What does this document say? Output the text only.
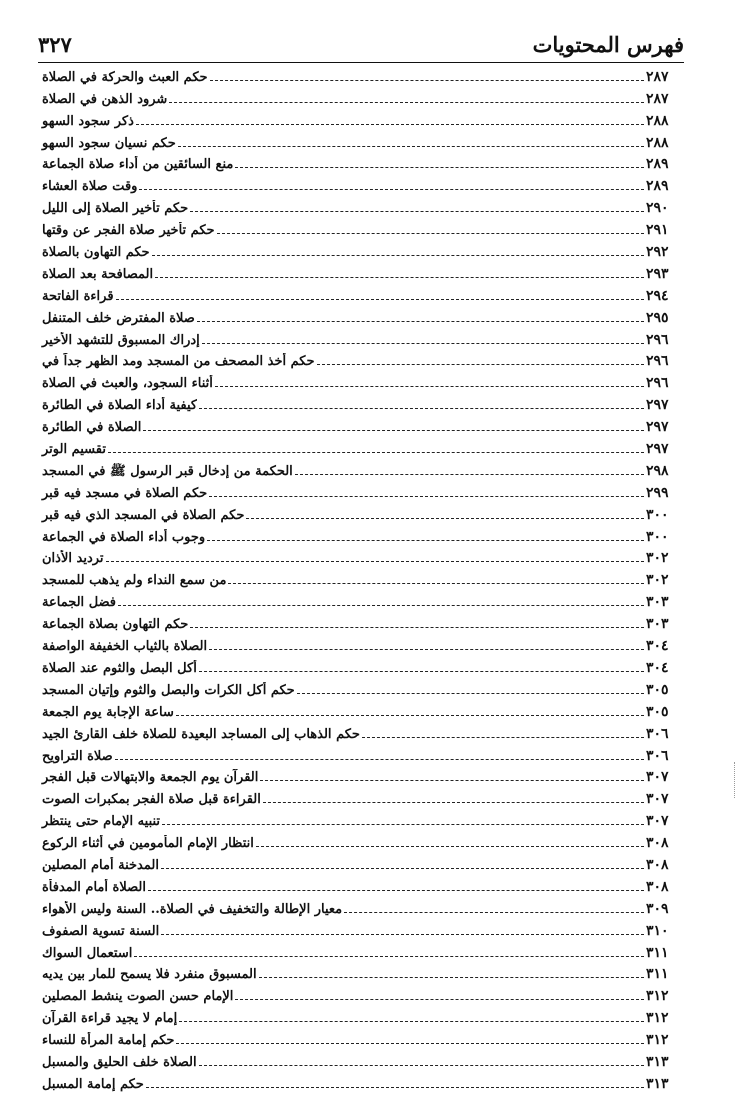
فهرس المحتويات
٣٢٧
حكم العبث والحركة في الصلاة	٢٨٧
شرود الذهن في الصلاة	٢٨٧
ذكر سجود السهو	٢٨٨
حكم نسيان سجود السهو	٢٨٨
منع السائقين من أداء صلاة الجماعة	٢٨٩
وقت صلاة العشاء	٢٨٩
حكم تأخير الصلاة إلى الليل	٢٩٠
حكم تأخير صلاة الفجر عن وقتها	٢٩١
حكم التهاون بالصلاة	٢٩٢
المصافحة بعد الصلاة	٢٩٣
قراءة الفاتحة	٢٩٤
صلاة المفترض خلف المتنفل	٢٩٥
إدراك المسبوق للتشهد الأخير	٢٩٦
حكم أخذ المصحف من المسجد ومد الظهر جداً في	٢٩٦
أثناء السجود، والعبث في الصلاة	٢٩٦
كيفية أداء الصلاة في الطائرة	٢٩٧
الصلاة في الطائرة	٢٩٧
تقسيم الوتر	٢٩٧
الحكمة من إدخال قبر الرسول ﷺ في المسجد	٢٩٨
حكم الصلاة في مسجد فيه قبر	٢٩٩
حكم الصلاة في المسجد الذي فيه قبر	٣٠٠
وجوب أداء الصلاة في الجماعة	٣٠٠
ترديد الأذان	٣٠٢
من سمع النداء ولم يذهب للمسجد	٣٠٢
فضل الجماعة	٣٠٣
حكم التهاون بصلاة الجماعة	٣٠٣
الصلاة بالثياب الخفيفة الواصفة	٣٠٤
أكل البصل والثوم عند الصلاة	٣٠٤
حكم أكل الكرات والبصل والثوم وإتيان المسجد	٣٠٥
ساعة الإجابة يوم الجمعة	٣٠٥
حكم الذهاب إلى المساجد البعيدة للصلاة خلف القارئ الجيد	٣٠٦
صلاة التراويح	٣٠٦
القرآن يوم الجمعة والابتهالات قبل الفجر	٣٠٧
القراءة قبل صلاة الفجر بمكبرات الصوت	٣٠٧
تنبيه الإمام حتى ينتظر	٣٠٧
انتظار الإمام المأمومين في أثناء الركوع	٣٠٨
المدخنة أمام المصلين	٣٠٨
الصلاة أمام المدفأة	٣٠٨
معيار الإطالة والتخفيف في الصلاة.. السنة وليس الأهواء	٣٠٩
السنة تسوية الصفوف	٣١٠
استعمال السواك	٣١١
المسبوق منفرد فلا يسمح للمار بين يديه	٣١١
الإمام حسن الصوت ينشط المصلين	٣١٢
إمام لا يجيد قراءة القرآن	٣١٢
حكم إمامة المرأة للنساء	٣١٢
الصلاة خلف الحليق والمسبل	٣١٣
حكم إمامة المسبل	٣١٣
